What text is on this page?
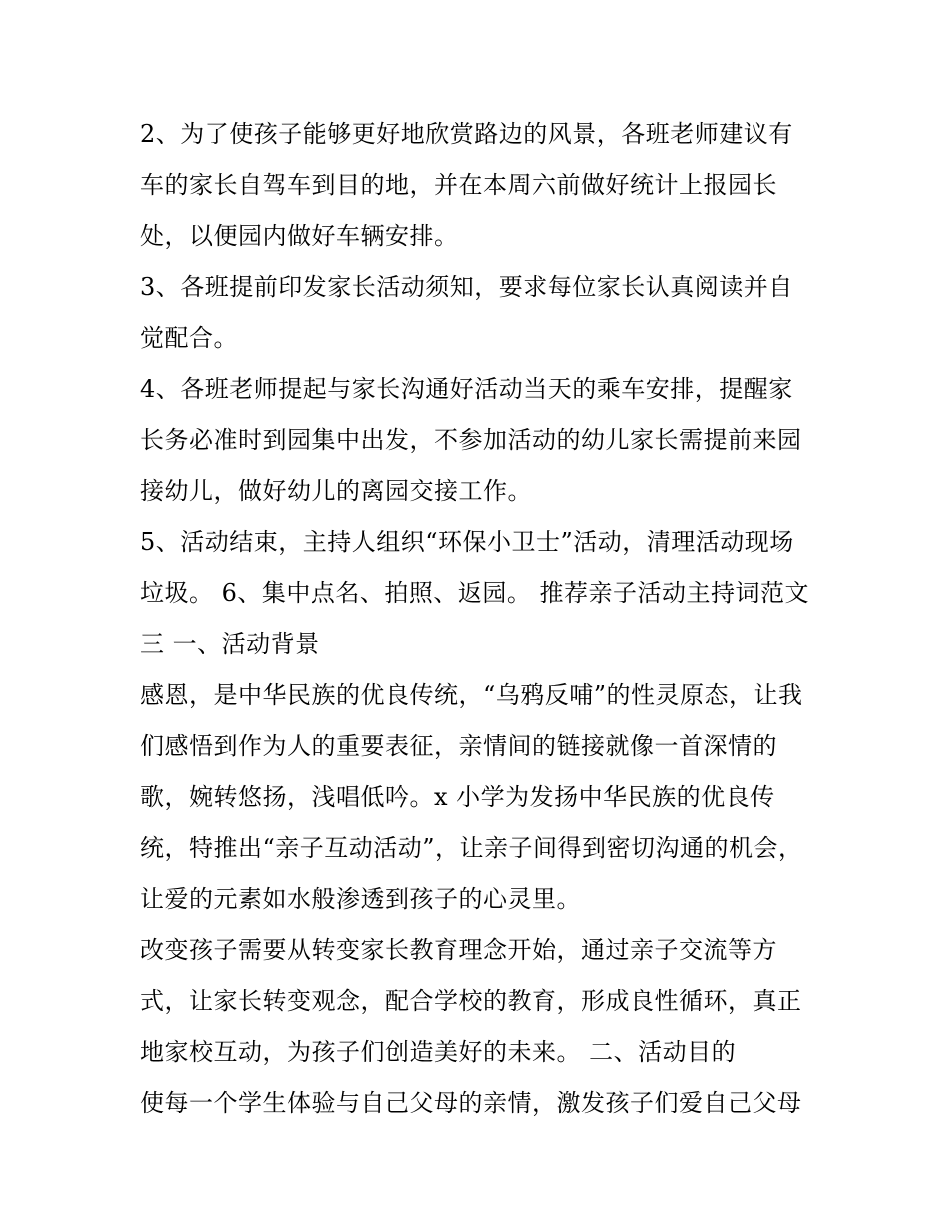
2、为了使孩子能够更好地欣赏路边的风景，各班老师建议有
车的家长自驾车到目的地，并在本周六前做好统计上报园长
处，以便园内做好车辆安排。
3、各班提前印发家长活动须知，要求每位家长认真阅读并自
觉配合。
4、各班老师提起与家长沟通好活动当天的乘车安排，提醒家
长务必准时到园集中出发，不参加活动的幼儿家长需提前来园
接幼儿，做好幼儿的离园交接工作。
5、活动结束，主持人组织“环保小卫士”活动，清理活动现场
垃圾。 6、集中点名、拍照、返园。 推荐亲子活动主持词范文
三 一、活动背景
感恩，是中华民族的优良传统，“乌鸦反哺”的性灵原态，让我
们感悟到作为人的重要表征，亲情间的链接就像一首深情的
歌，婉转悠扬，浅唱低吟。x 小学为发扬中华民族的优良传
统，特推出“亲子互动活动”，让亲子间得到密切沟通的机会，
让爱的元素如水般渗透到孩子的心灵里。
改变孩子需要从转变家长教育理念开始，通过亲子交流等方
式，让家长转变观念，配合学校的教育，形成良性循环，真正
地家校互动，为孩子们创造美好的未来。 二、活动目的
使每一个学生体验与自己父母的亲情，激发孩子们爱自己父母
